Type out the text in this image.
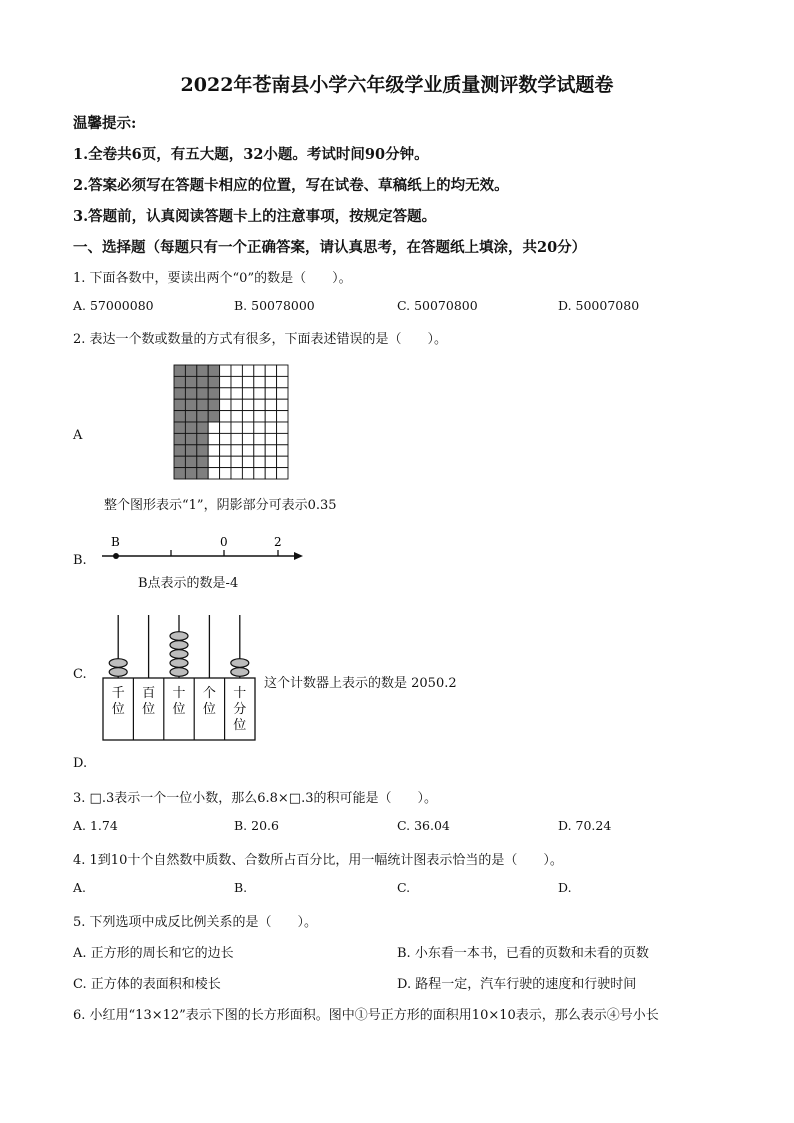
2022年苍南县小学六年级学业质量测评数学试题卷
温馨提示:
1.全卷共6页，有五大题，32小题。考试时间90分钟。
2.答案必须写在答题卡相应的位置，写在试卷、草稿纸上的均无效。
3.答题前，认真阅读答题卡上的注意事项，按规定答题。
一、选择题（每题只有一个正确答案，请认真思考，在答题纸上填涂，共20分）
1. 下面各数中，要读出两个“0”的数是（　　）。
A. 57000080	B. 50078000	C. 50070800	D. 50007080
2. 表达一个数或数量的方式有很多，下面表述错误的是（　　）。
A
整个图形表示“1”，阴影部分可表示0.35
B.
B	0	2
B点表示的数是-4
C.
千
位
百
位
十
位
个
位
十
分
位
这个计数器上表示的数是 2050.2
D.
3. □.3表示一个一位小数，那么6.8×□.3的积可能是（　　）。
A. 1.74	B. 20.6	C. 36.04	D. 70.24
4. 1到10十个自然数中质数、合数所占百分比，用一幅统计图表示恰当的是（　　）。
A.	B.	C.	D.
5. 下列选项中成反比例关系的是（　　）。
A. 正方形的周长和它的边长	B. 小东看一本书，已看的页数和未看的页数
C. 正方体的表面积和棱长	D. 路程一定，汽车行驶的速度和行驶时间
6. 小红用“13×12”表示下图的长方形面积。图中①号正方形的面积用10×10表示，那么表示④号小长
